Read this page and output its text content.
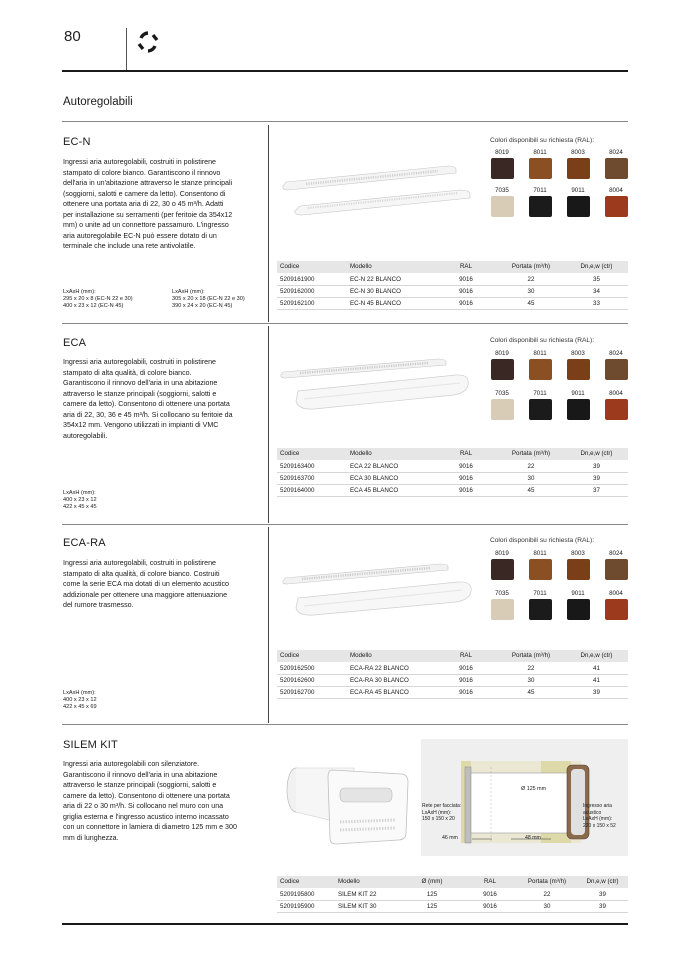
80
Autoregolabili
EC-N
Ingressi aria autoregolabili, costruiti in polistirene stampato di colore bianco. Garantiscono il rinnovo dell'aria in un'abitazione attraverso le stanze principali (soggiorni, salotti e camere da letto). Consentono di ottenere una portata aria di 22, 30 o 45 m³/h. Adatti per installazione su serramenti (per feritoie da 354x12 mm) o unite ad un connettore passamuro. L'ingresso aria autoregolabile EC-N può essere dotato di un terminale che include una rete antivolatile.
LxAxH (mm):
295 x 20 x 8 (EC-N 22 e 30)
400 x 23 x 12 (EC-N 45)
LxAxH (mm):
305 x 20 x 18 (EC-N 22 e 30)
390 x 24 x 20 (EC-N 45)
Colori disponibili su richiesta (RAL):
8019	8011	8003	8024
7035	7011	9011	8004
Codice	Modello	RAL	Portata (m³/h)	Dn,e,w (ctr)
5209161900	EC-N 22 BLANCO	9016	22	35
5209162000	EC-N 30 BLANCO	9016	30	34
5209162100	EC-N 45 BLANCO	9016	45	33
ECA
Ingressi aria autoregolabili, costruiti in polistirene stampato di alta qualità, di colore bianco. Garantiscono il rinnovo dell'aria in una abitazione attraverso le stanze principali (soggiorni, salotti e camere da letto). Consentono di ottenere una portata aria di 22, 30, 36 e 45 m³/h. Si collocano su feritoie da 354x12 mm. Vengono utilizzati in impianti di VMC autoregolabili.
LxAxH (mm):
400 x 23 x 12
422 x 45 x 45
Colori disponibili su richiesta (RAL):
8019	8011	8003	8024
7035	7011	9011	8004
Codice	Modello	RAL	Portata (m³/h)	Dn,e,w (ctr)
5209163400	ECA 22 BLANCO	9016	22	39
5209163700	ECA 30 BLANCO	9016	30	39
5209164000	ECA 45 BLANCO	9016	45	37
ECA-RA
Ingressi aria autoregolabili, costruiti in polistirene stampato di alta qualità, di colore bianco. Costruiti come la serie ECA ma dotati di un elemento acustico addizionale per ottenere una maggiore attenuazione del rumore trasmesso.
LxAxH (mm):
400 x 23 x 12
422 x 45 x 69
Colori disponibili su richiesta (RAL):
8019	8011	8003	8024
7035	7011	9011	8004
Codice	Modello	RAL	Portata (m³/h)	Dn,e,w (ctr)
5209162500	ECA-RA 22 BLANCO	9016	22	41
5209162600	ECA-RA 30 BLANCO	9016	30	41
5209162700	ECA-RA 45 BLANCO	9016	45	39
SILEM KIT
Ingressi aria autoregolabili con silenziatore. Garantiscono il rinnovo dell'aria in una abitazione attraverso le stanze principali (soggiorni, salotti e camere da letto). Consentono di ottenere una portata aria di 22 o 30 m³/h. Si collocano nel muro con una griglia esterna e l'ingresso acustico interno incassato con un connettore in lamiera di diametro 125 mm e 300 mm di lunghezza.
Ø 125 mm
Rete per facciata:
LxAxH (mm):
150 x 150 x 20
Ingresso aria acustico
LxAxH (mm):
220 x 150 x 52
46 mm	48 mm
Codice	Modello	Ø (mm)	RAL	Portata (m³/h)	Dn,e,w (ctr)
5209195800	SILEM KIT 22	125	9016	22	39
5209195900	SILEM KIT 30	125	9016	30	39
